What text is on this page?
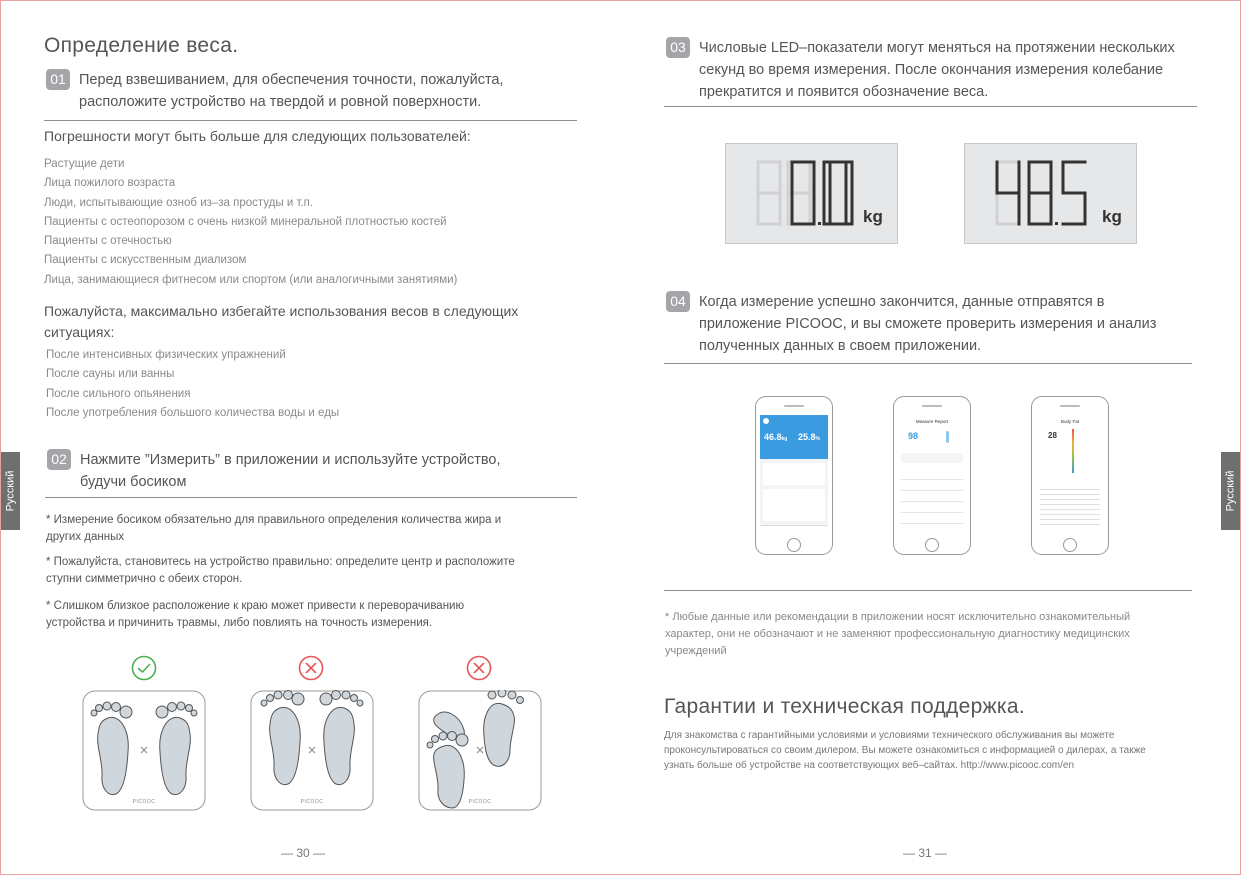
Определение веса.
01 Перед взвешиванием, для обеспечения точности, пожалуйста,
расположите устройство на твердой и ровной поверхности.
Погрешности могут быть больше для следующих пользователей:
Растущие дети
Лица пожилого возраста
Люди, испытывающие озноб из–за простуды и т.п.
Пациенты с остеопорозом с очень низкой минеральной плотностью костей
Пациенты с отечностью
Пациенты с искусственным диализом
Лица, занимающиеся фитнесом или спортом (или аналогичными занятиями)
Пожалуйста, максимально избегайте использования весов в следующих
ситуациях:
После интенсивных физических упражнений
После сауны или ванны
После сильного опьянения
После употребления большого количества воды и еды
02 Нажмите ”Измерить” в приложении и используйте устройство,
будучи босиком
* Измерение босиком обязательно для правильного определения количества жира и
других данных
* Пожалуйста, становитесь на устройство правильно: определите центр и расположите
ступни симметрично с обеих сторон.
* Слишком близкое расположение к краю может привести к переворачиванию
устройства и причинить травмы, либо повлиять на точность измерения.
PICOOC	PICOOC	PICOOC
— 30 —
Русский
03 Числовые LED–показатели могут меняться на протяжении нескольких
секунд во время измерения. После окончания измерения колебание
прекратится и появится обозначение веса.
kg	kg
04 Когда измерение успешно закончится, данные отправятся в
приложение PICOOC, и вы сможете проверить измерения и анализ
полученных данных в своем приложении.
46.8kg 25.8%
Measure Report
98
Body Fat
28
* Любые данные или рекомендации в приложении носят исключительно ознакомительный
характер, они не обозначают и не заменяют профессиональную диагностику медицинских
учреждений
Гарантии и техническая поддержка.
Для знакомства с гарантийными условиями и условиями технического обслуживания вы можете
проконсультироваться со своим дилером. Вы можете ознакомиться с информацией о дилерах, а также
узнать больше об устройстве на соответствующих веб–сайтах. http://www.picooc.com/en
— 31 —
Русский
